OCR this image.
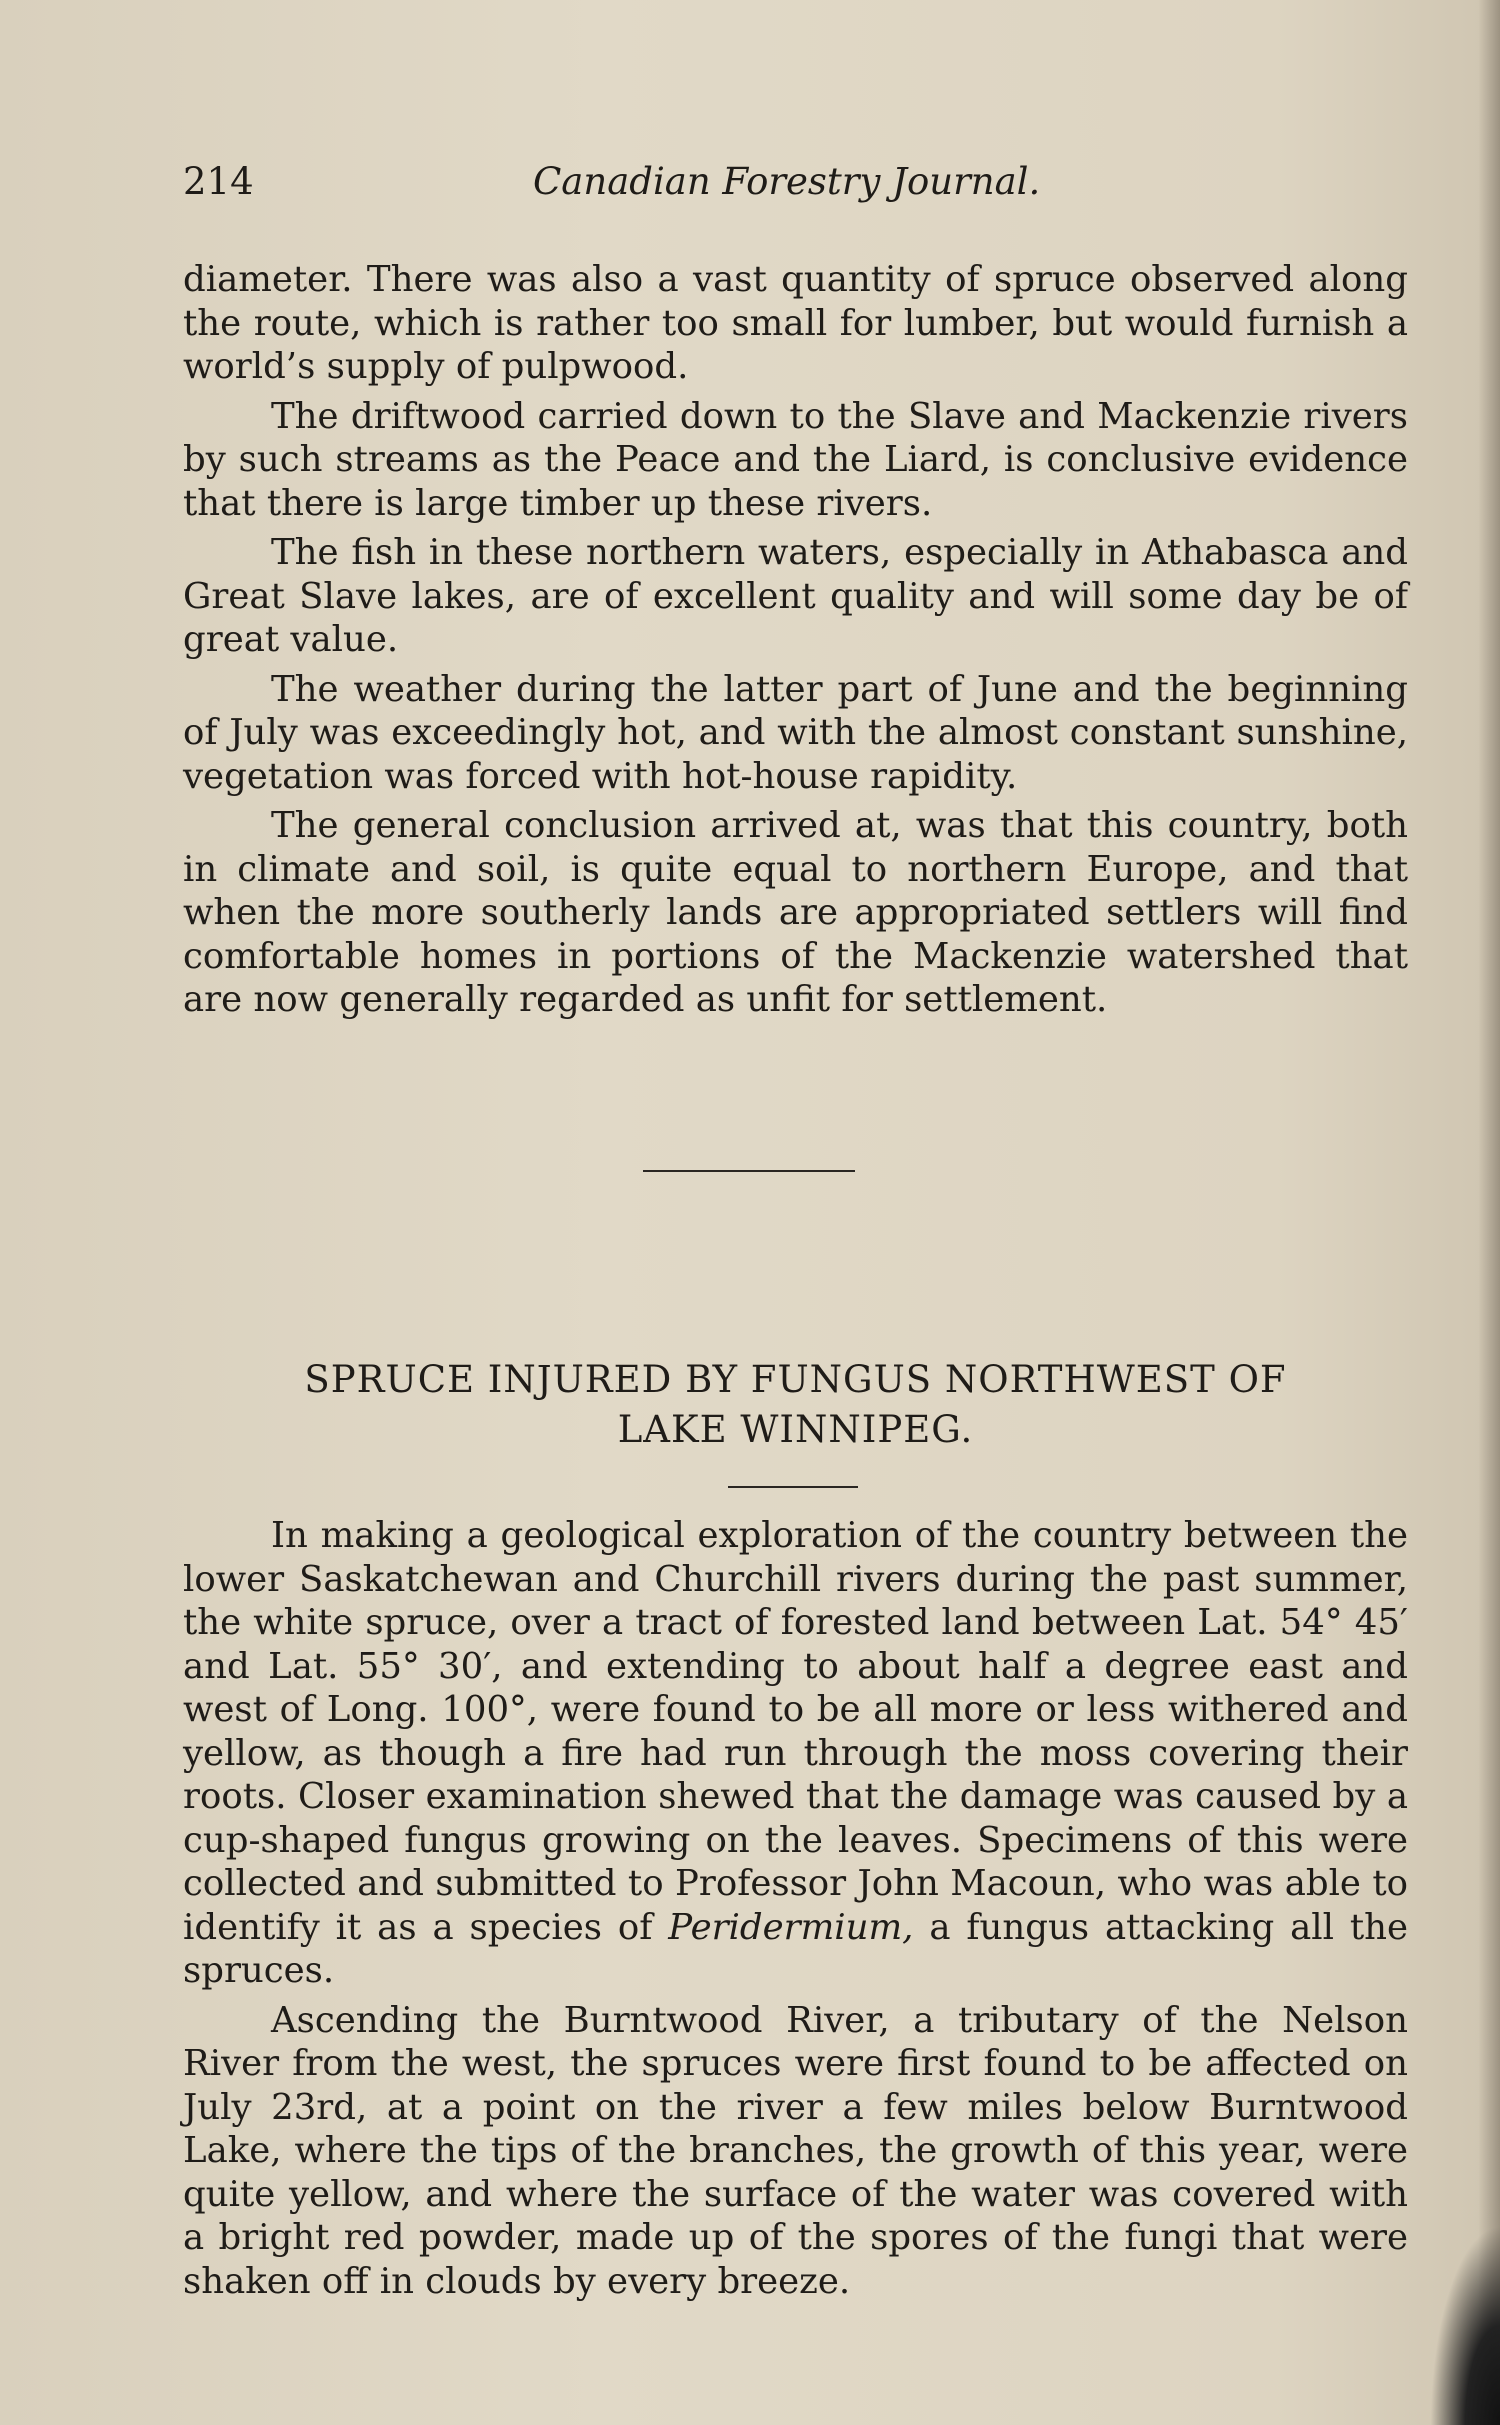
214	Canadian Forestry Journal.

diameter. There was also a vast quantity of spruce observed along the route, which is rather too small for lumber, but would furnish a world’s supply of pulpwood.

The driftwood carried down to the Slave and Mackenzie rivers by such streams as the Peace and the Liard, is conclusive evidence that there is large timber up these rivers.

The fish in these northern waters, especially in Athabasca and Great Slave lakes, are of excellent quality and will some day be of great value.

The weather during the latter part of June and the beginning of July was exceedingly hot, and with the almost constant sunshine, vegetation was forced with hot-house rapidity.

The general conclusion arrived at, was that this country, both in climate and soil, is quite equal to northern Europe, and that when the more southerly lands are appropriated settlers will find comfortable homes in portions of the Mackenzie watershed that are now generally regarded as unfit for settlement.

SPRUCE INJURED BY FUNGUS NORTHWEST OF
LAKE WINNIPEG.

In making a geological exploration of the country between the lower Saskatchewan and Churchill rivers during the past summer, the white spruce, over a tract of forested land between Lat. 54° 45′ and Lat. 55° 30′, and extending to about half a degree east and west of Long. 100°, were found to be all more or less withered and yellow, as though a fire had run through the moss covering their roots. Closer examination shewed that the damage was caused by a cup-shaped fungus growing on the leaves. Specimens of this were collected and submitted to Professor John Macoun, who was able to identify it as a species of Peridermium, a fungus attacking all the spruces.

Ascending the Burntwood River, a tributary of the Nelson River from the west, the spruces were first found to be affected on July 23rd, at a point on the river a few miles below Burntwood Lake, where the tips of the branches, the growth of this year, were quite yellow, and where the surface of the water was covered with a bright red powder, made up of the spores of the fungi that were shaken off in clouds by every breeze.
